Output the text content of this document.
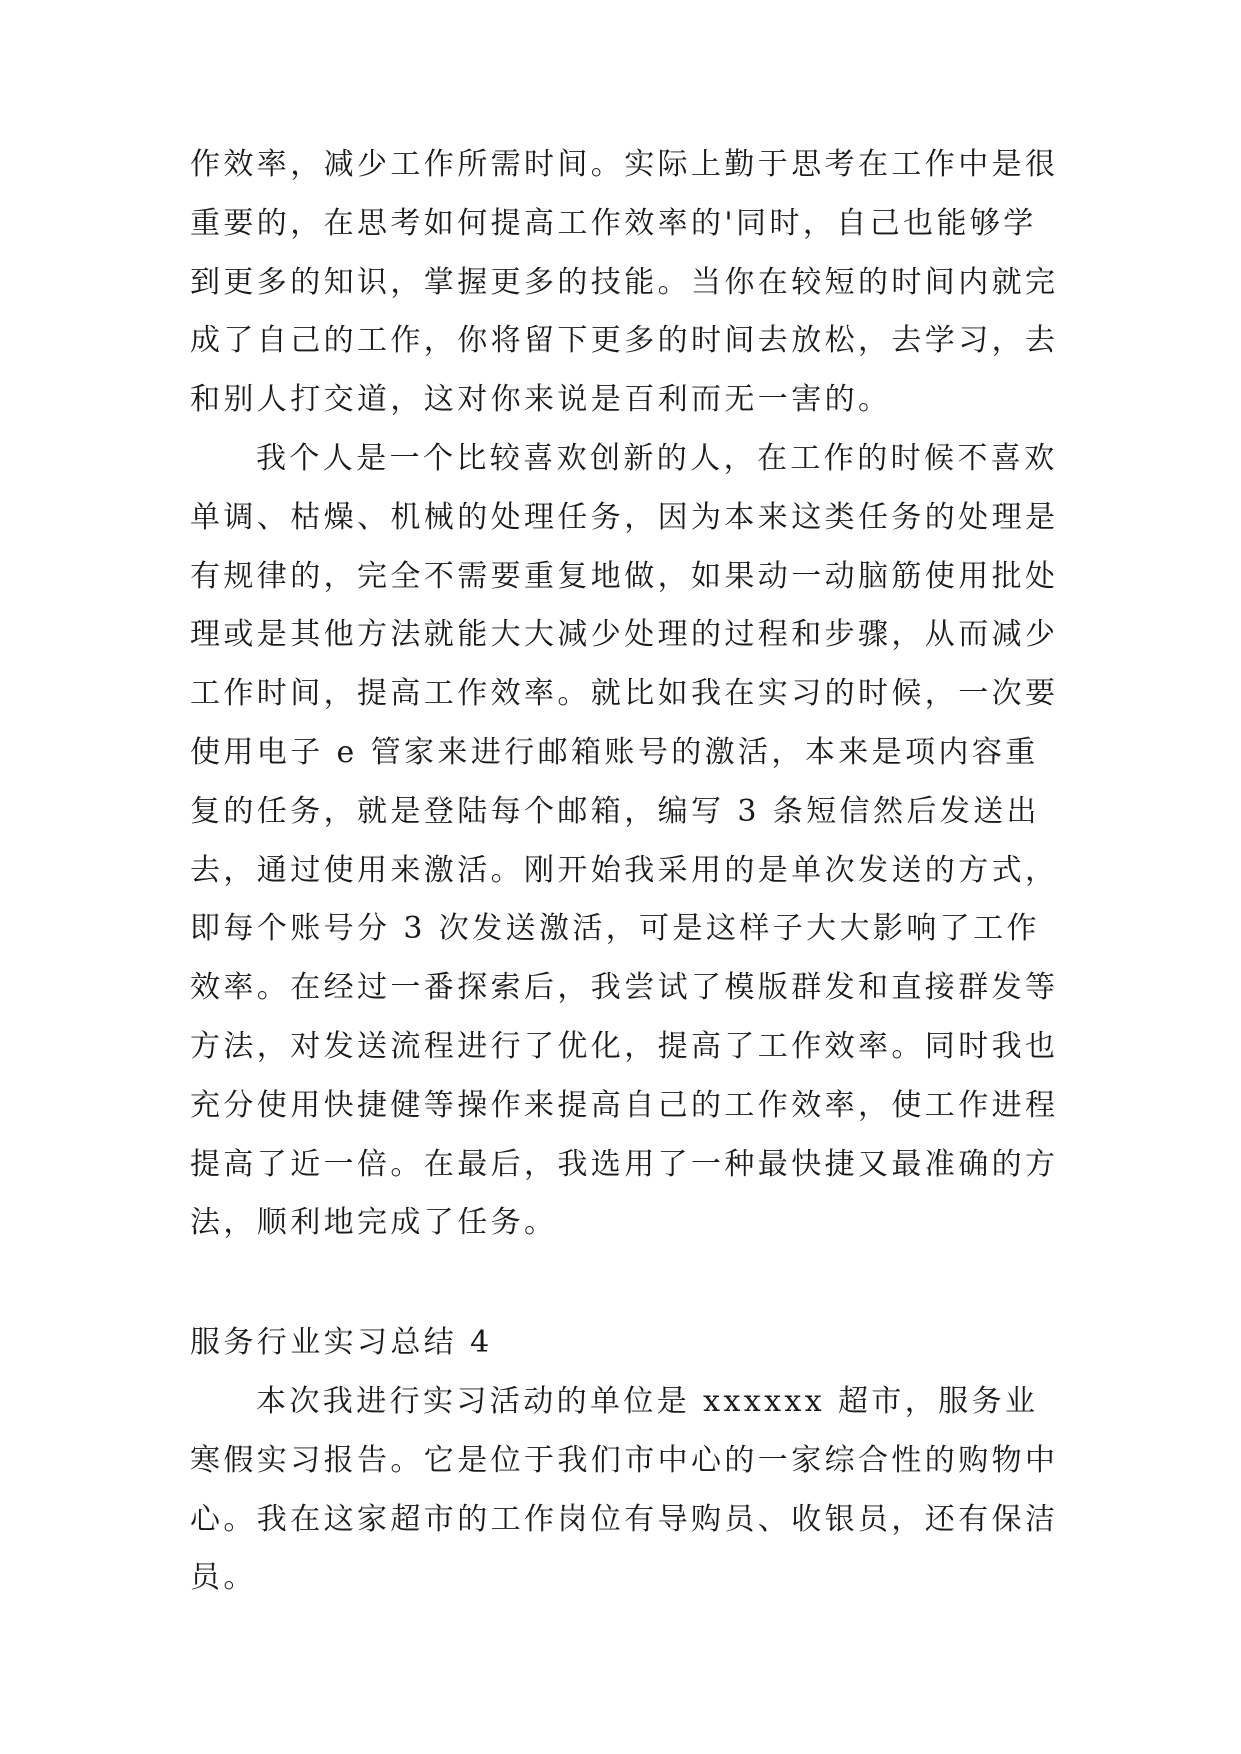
作效率，减少工作所需时间。实际上勤于思考在工作中是很重要的，在思考如何提高工作效率的'同时，自己也能够学到更多的知识，掌握更多的技能。当你在较短的时间内就完成了自己的工作，你将留下更多的时间去放松，去学习，去和别人打交道，这对你来说是百利而无一害的。

我个人是一个比较喜欢创新的人，在工作的时候不喜欢单调、枯燥、机械的处理任务，因为本来这类任务的处理是有规律的，完全不需要重复地做，如果动一动脑筋使用批处理或是其他方法就能大大减少处理的过程和步骤，从而减少工作时间，提高工作效率。就比如我在实习的时候，一次要使用电子 e 管家来进行邮箱账号的激活，本来是项内容重复的任务，就是登陆每个邮箱，编写 3 条短信然后发送出去，通过使用来激活。刚开始我采用的是单次发送的方式，即每个账号分 3 次发送激活，可是这样子大大影响了工作效率。在经过一番探索后，我尝试了模版群发和直接群发等方法，对发送流程进行了优化，提高了工作效率。同时我也充分使用快捷健等操作来提高自己的工作效率，使工作进程提高了近一倍。在最后，我选用了一种最快捷又最准确的方法，顺利地完成了任务。

服务行业实习总结 4

本次我进行实习活动的单位是 xxxxxx 超市，服务业寒假实习报告。它是位于我们市中心的一家综合性的购物中心。我在这家超市的工作岗位有导购员、收银员，还有保洁员。
